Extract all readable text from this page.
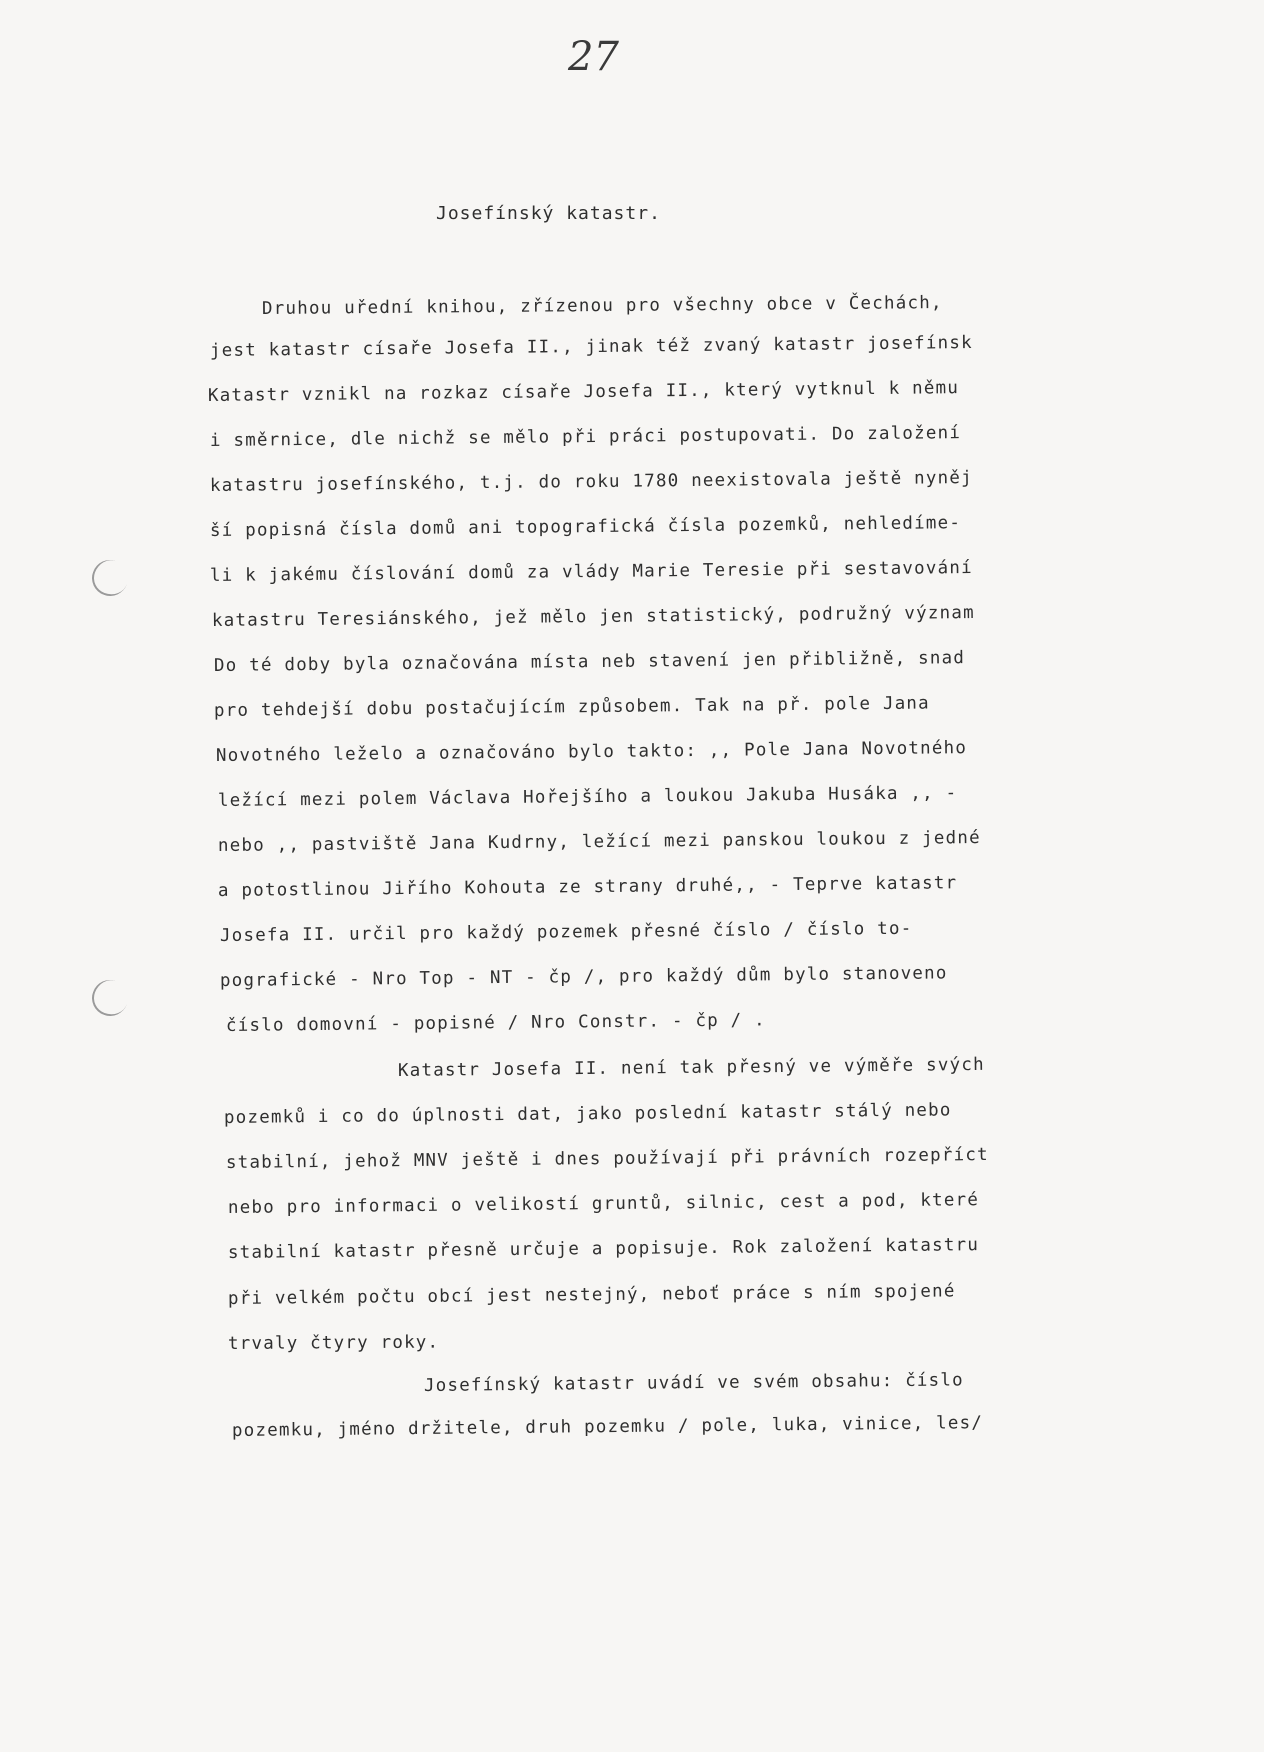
27
Josefínský katastr.

Druhou uřední knihou, zřízenou pro všechny obce v Čechách,

jest katastr císaře Josefa II., jinak též zvaný katastr josefínsk

Katastr vznikl na rozkaz císaře Josefa II., který vytknul k němu

i směrnice, dle nichž se mělo při práci postupovati. Do založení

katastru josefínského, t.j. do roku 1780 neexistovala ještě nyněj

ší popisná čísla domů ani topografická čísla pozemků, nehledíme-

li k jakému číslování domů za vlády Marie Teresie při sestavování

katastru Teresiánského, jež mělo jen statistický, podružný význam

Do té doby byla označována místa neb stavení jen přibližně, snad

pro tehdejší dobu postačujícím způsobem. Tak na př. pole Jana

Novotného leželo a označováno bylo takto: ,, Pole Jana Novotného

ležící mezi polem Václava Hořejšího a loukou Jakuba Husáka ,, -

nebo ,, pastviště Jana Kudrny, ležící mezi panskou loukou z jedné

a potostlinou Jiřího Kohouta ze strany druhé,, - Teprve katastr

Josefa II. určil pro každý pozemek přesné číslo / číslo to-

pografické - Nro Top - NT - čp /, pro každý dům bylo stanoveno

číslo domovní - popisné / Nro Constr. - čp / .

Katastr Josefa II. není tak přesný ve výměře svých

pozemků i co do úplnosti dat, jako poslední katastr stálý nebo

stabilní, jehož MNV ještě i dnes používají při právních rozepříct

nebo pro informaci o velikostí gruntů, silnic, cest a pod, které

stabilní katastr přesně určuje a popisuje. Rok založení katastru

při velkém počtu obcí jest nestejný, neboť práce s ním spojené

trvaly čtyry roky.

Josefínský katastr uvádí ve svém obsahu: číslo

pozemku, jméno držitele, druh pozemku / pole, luka, vinice, les/
